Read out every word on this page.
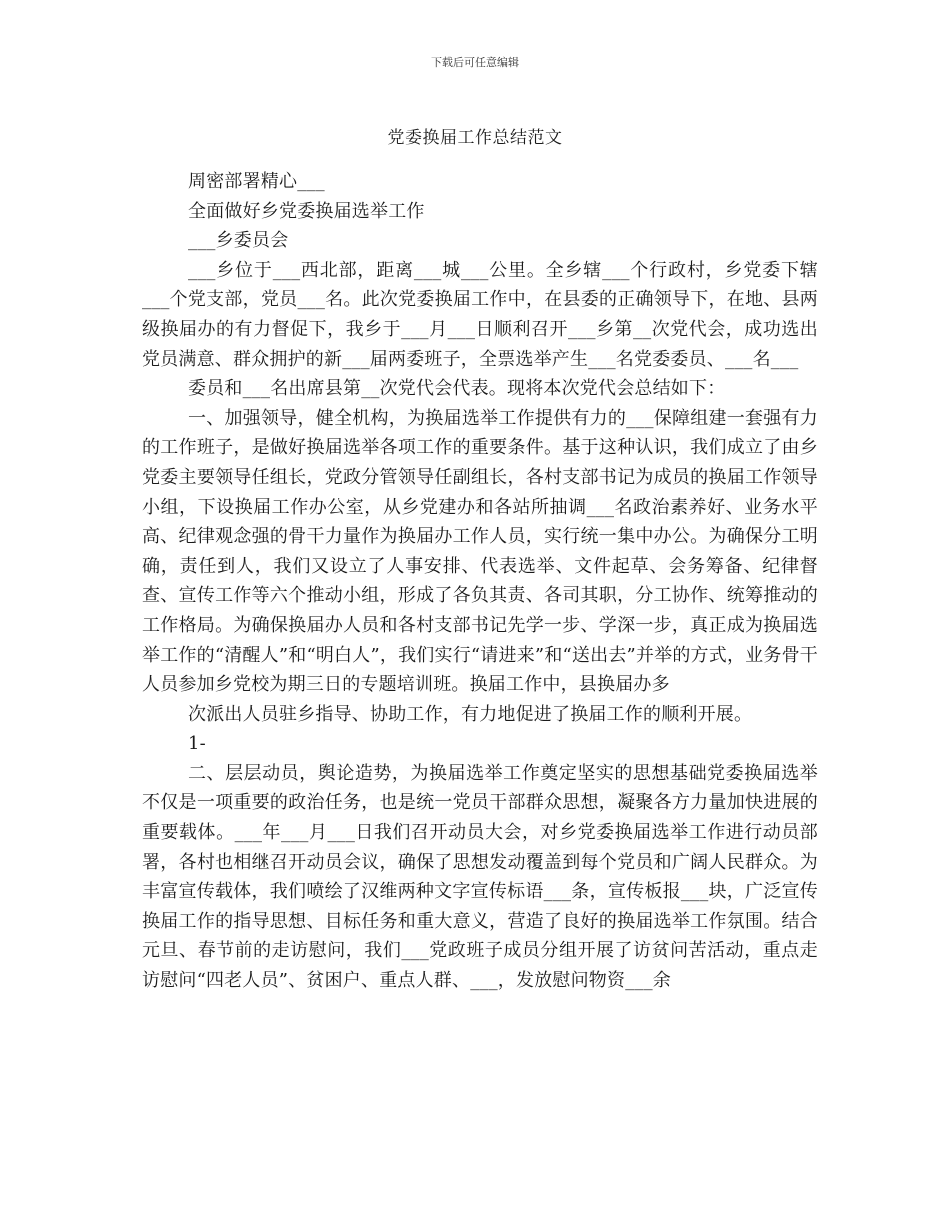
下载后可任意编辑
党委换届工作总结范文

周密部署精心___

全面做好乡党委换届选举工作

___乡委员会

___乡位于___西北部，距离___城___公里。全乡辖___个行政村，乡党委下辖___个党支部，党员___名。此次党委换届工作中，在县委的正确领导下，在地、县两级换届办的有力督促下，我乡于___月___日顺利召开___乡第__次党代会，成功选出党员满意、群众拥护的新___届两委班子，全票选举产生___名党委委员、___名___

委员和___名出席县第__次党代会代表。现将本次党代会总结如下：

一、加强领导，健全机构，为换届选举工作提供有力的___保障组建一套强有力的工作班子，是做好换届选举各项工作的重要条件。基于这种认识，我们成立了由乡党委主要领导任组长，党政分管领导任副组长，各村支部书记为成员的换届工作领导小组，下设换届工作办公室，从乡党建办和各站所抽调___名政治素养好、业务水平高、纪律观念强的骨干力量作为换届办工作人员，实行统一集中办公。为确保分工明确，责任到人，我们又设立了人事安排、代表选举、文件起草、会务筹备、纪律督查、宣传工作等六个推动小组，形成了各负其责、各司其职，分工协作、统筹推动的工作格局。为确保换届办人员和各村支部书记先学一步、学深一步，真正成为换届选举工作的“清醒人”和“明白人”，我们实行“请进来”和“送出去”并举的方式，业务骨干人员参加乡党校为期三日的专题培训班。换届工作中，县换届办多

次派出人员驻乡指导、协助工作，有力地促进了换届工作的顺利开展。

1-

二、层层动员，舆论造势，为换届选举工作奠定坚实的思想基础党委换届选举不仅是一项重要的政治任务，也是统一党员干部群众思想，凝聚各方力量加快进展的重要载体。___年___月___日我们召开动员大会，对乡党委换届选举工作进行动员部署，各村也相继召开动员会议，确保了思想发动覆盖到每个党员和广阔人民群众。为丰富宣传载体，我们喷绘了汉维两种文字宣传标语___条，宣传板报___块，广泛宣传换届工作的指导思想、目标任务和重大意义，营造了良好的换届选举工作氛围。结合元旦、春节前的走访慰问，我们___党政班子成员分组开展了访贫问苦活动，重点走访慰问“四老人员”、贫困户、重点人群、___，发放慰问物资___余
